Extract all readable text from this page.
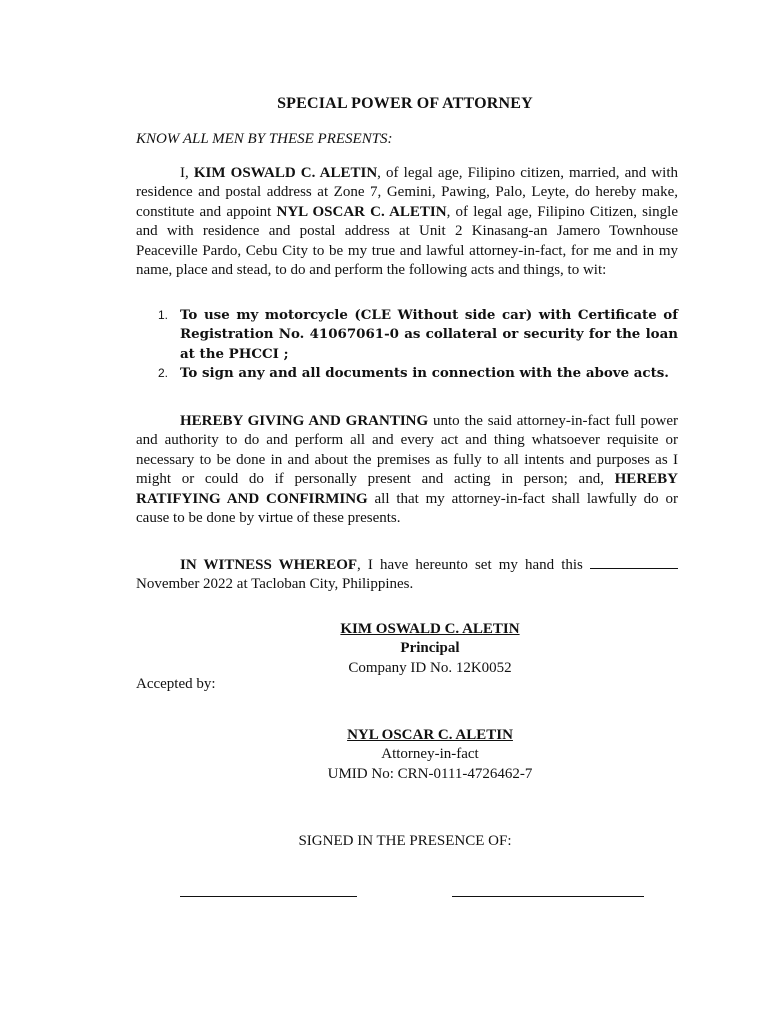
SPECIAL POWER OF ATTORNEY
KNOW ALL MEN BY THESE PRESENTS:
I, KIM OSWALD C. ALETIN, of legal age, Filipino citizen, married, and with residence and postal address at Zone 7, Gemini, Pawing, Palo, Leyte, do hereby make, constitute and appoint NYL OSCAR C. ALETIN, of legal age, Filipino Citizen, single and with residence and postal address at Unit 2 Kinasang-an Jamero Townhouse Peaceville Pardo, Cebu City to be my true and lawful attorney-in-fact, for me and in my name, place and stead, to do and perform the following acts and things, to wit:
1. To use my motorcycle (CLE Without side car) with Certificate of Registration No. 41067061-0 as collateral or security for the loan at the PHCCI ;
2. To sign any and all documents in connection with the above acts.
HEREBY GIVING AND GRANTING unto the said attorney-in-fact full power and authority to do and perform all and every act and thing whatsoever requisite or necessary to be done in and about the premises as fully to all intents and purposes as I might or could do if personally present and acting in person; and, HEREBY RATIFYING AND CONFIRMING all that my attorney-in-fact shall lawfully do or cause to be done by virtue of these presents.
IN WITNESS WHEREOF, I have hereunto set my hand this November 2022 at Tacloban City, Philippines.
KIM OSWALD C. ALETIN
Principal
Company ID No. 12K0052
Accepted by:
NYL OSCAR C. ALETIN
Attorney-in-fact
UMID No: CRN-0111-4726462-7
SIGNED IN THE PRESENCE OF:
